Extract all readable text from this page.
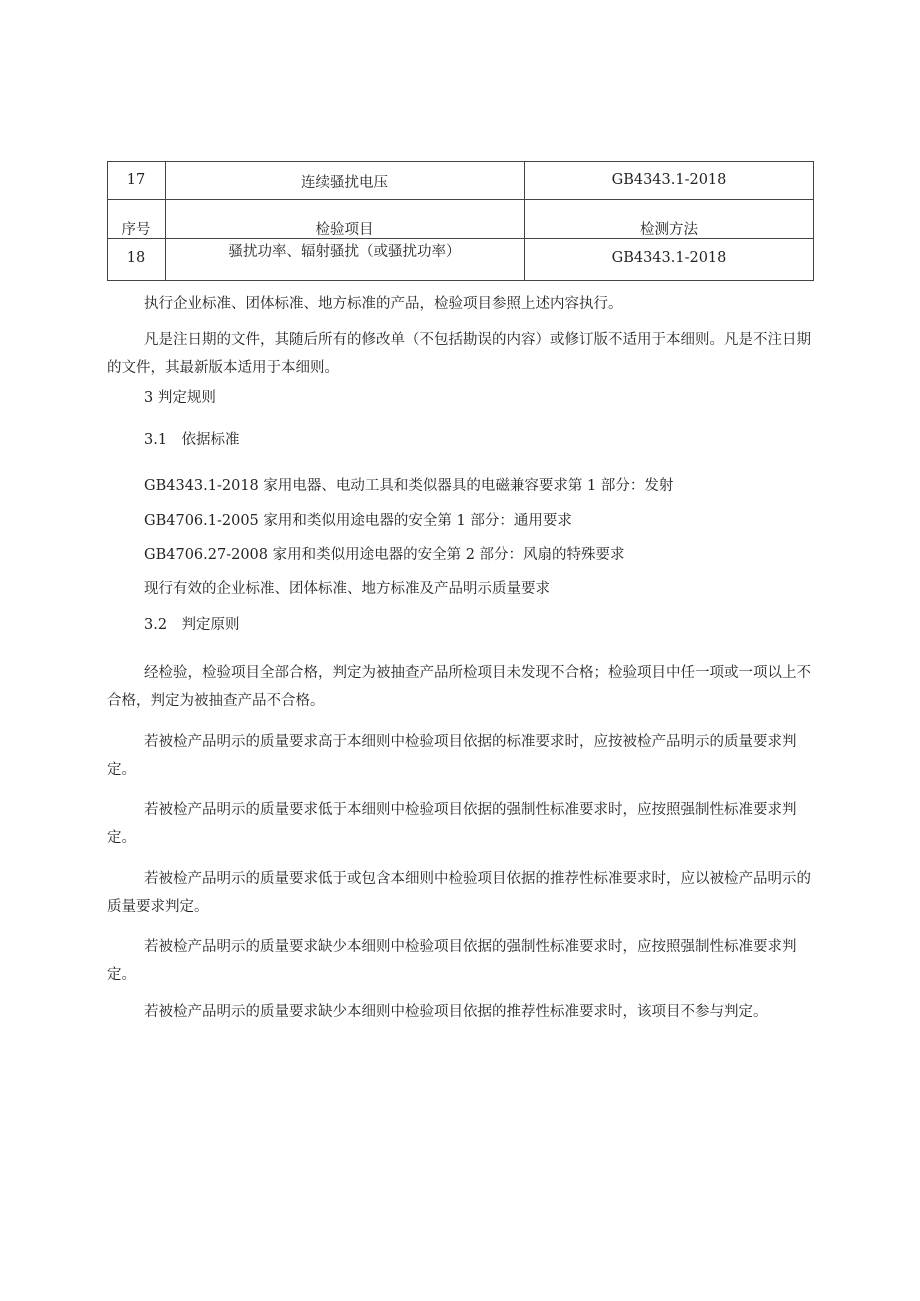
17	连续骚扰电压	GB4343.1-2018
序号	检验项目	检测方法
18	骚扰功率、辐射骚扰（或骚扰功率）	GB4343.1-2018
执行企业标准、团体标准、地方标准的产品，检验项目参照上述内容执行。
凡是注日期的文件，其随后所有的修改单（不包括勘误的内容）或修订版不适用于本细则。凡是不注日期的文件，其最新版本适用于本细则。
3 判定规则
3.1　依据标准
GB4343.1-2018 家用电器、电动工具和类似器具的电磁兼容要求第 1 部分：发射
GB4706.1-2005 家用和类似用途电器的安全第 1 部分：通用要求
GB4706.27-2008 家用和类似用途电器的安全第 2 部分：风扇的特殊要求
现行有效的企业标准、团体标准、地方标准及产品明示质量要求
3.2　判定原则
经检验，检验项目全部合格，判定为被抽查产品所检项目未发现不合格；检验项目中任一项或一项以上不合格，判定为被抽查产品不合格。
若被检产品明示的质量要求高于本细则中检验项目依据的标准要求时，应按被检产品明示的质量要求判定。
若被检产品明示的质量要求低于本细则中检验项目依据的强制性标准要求时，应按照强制性标准要求判定。
若被检产品明示的质量要求低于或包含本细则中检验项目依据的推荐性标准要求时，应以被检产品明示的质量要求判定。
若被检产品明示的质量要求缺少本细则中检验项目依据的强制性标准要求时，应按照强制性标准要求判定。
若被检产品明示的质量要求缺少本细则中检验项目依据的推荐性标准要求时，该项目不参与判定。
